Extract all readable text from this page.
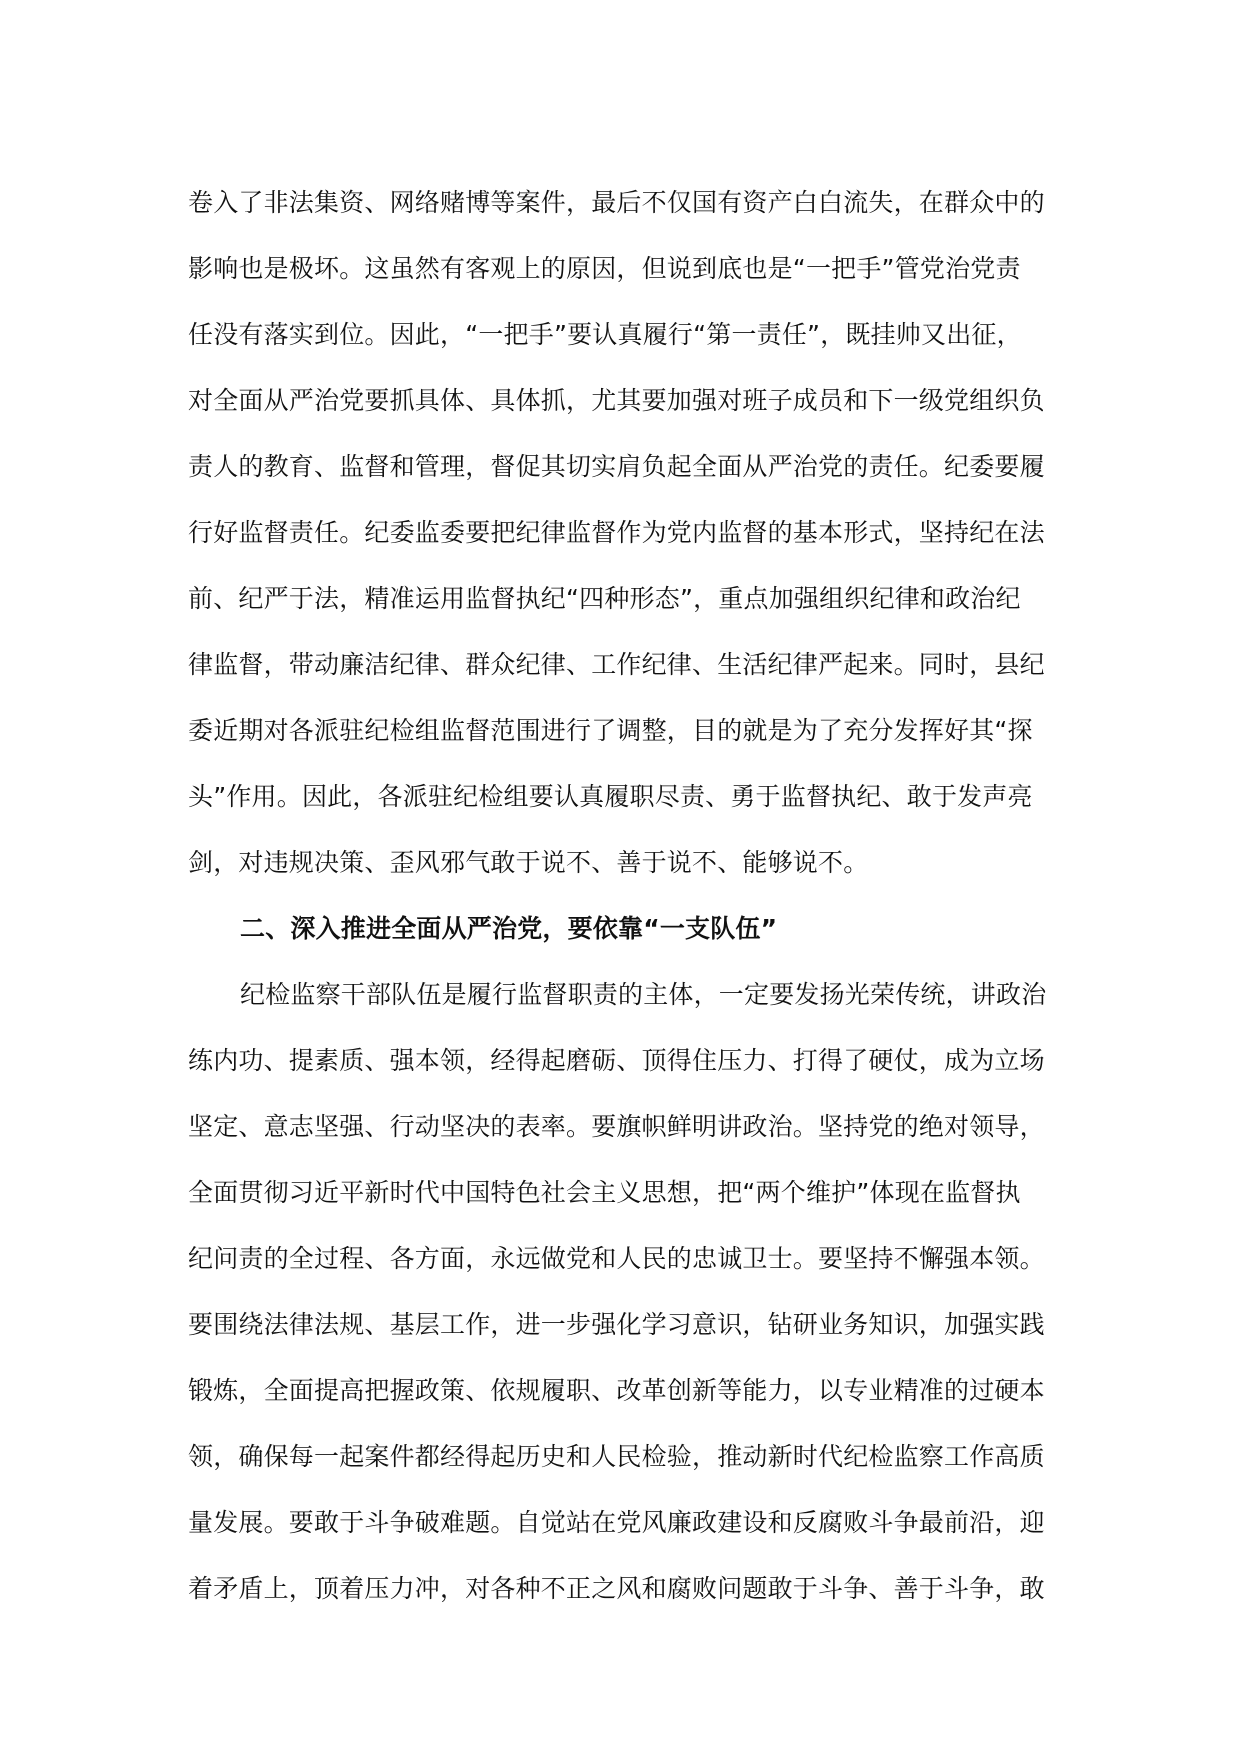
卷入了非法集资、网络赌博等案件，最后不仅国有资产白白流失，在群众中的
影响也是极坏。这虽然有客观上的原因，但说到底也是“一把手”管党治党责
任没有落实到位。因此，“一把手”要认真履行“第一责任”，既挂帅又出征，
对全面从严治党要抓具体、具体抓，尤其要加强对班子成员和下一级党组织负
责人的教育、监督和管理，督促其切实肩负起全面从严治党的责任。纪委要履
行好监督责任。纪委监委要把纪律监督作为党内监督的基本形式，坚持纪在法
前、纪严于法，精准运用监督执纪“四种形态”，重点加强组织纪律和政治纪
律监督，带动廉洁纪律、群众纪律、工作纪律、生活纪律严起来。同时，县纪
委近期对各派驻纪检组监督范围进行了调整，目的就是为了充分发挥好其“探
头”作用。因此，各派驻纪检组要认真履职尽责、勇于监督执纪、敢于发声亮
剑，对违规决策、歪风邪气敢于说不、善于说不、能够说不。
二、深入推进全面从严治党，要依靠“一支队伍”
纪检监察干部队伍是履行监督职责的主体，一定要发扬光荣传统，讲政治
练内功、提素质、强本领，经得起磨砺、顶得住压力、打得了硬仗，成为立场
坚定、意志坚强、行动坚决的表率。要旗帜鲜明讲政治。坚持党的绝对领导，
全面贯彻习近平新时代中国特色社会主义思想，把“两个维护”体现在监督执
纪问责的全过程、各方面，永远做党和人民的忠诚卫士。要坚持不懈强本领。
要围绕法律法规、基层工作，进一步强化学习意识，钻研业务知识，加强实践
锻炼，全面提高把握政策、依规履职、改革创新等能力，以专业精准的过硬本
领，确保每一起案件都经得起历史和人民检验，推动新时代纪检监察工作高质
量发展。要敢于斗争破难题。自觉站在党风廉政建设和反腐败斗争最前沿，迎
着矛盾上，顶着压力冲，对各种不正之风和腐败问题敢于斗争、善于斗争，敢
